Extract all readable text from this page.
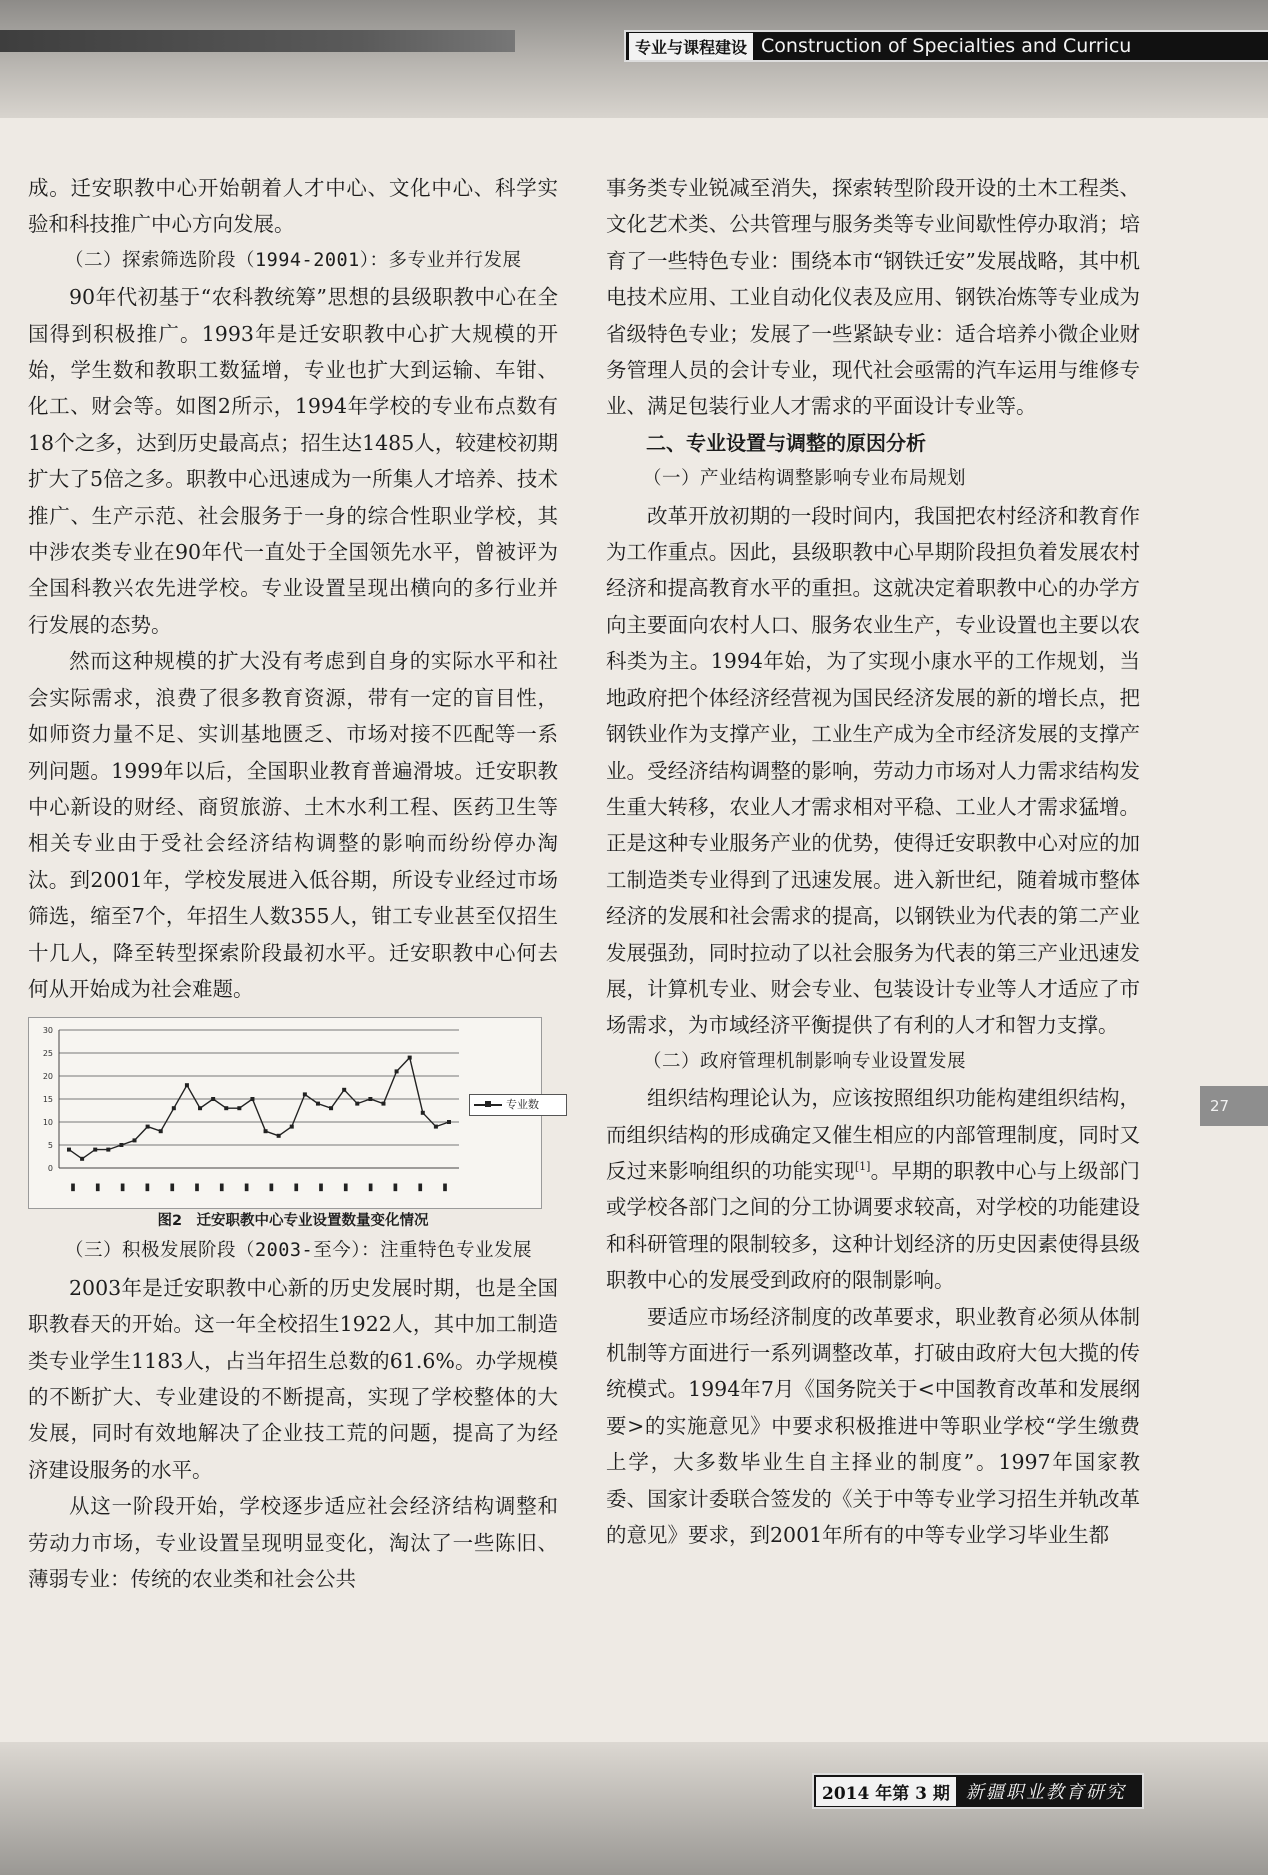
专业与课程建设 Construction of Specialties and Curricu

成。迁安职教中心开始朝着人才中心、文化中心、科学实验和科技推广中心方向发展。

（二）探索筛选阶段（1994-2001）：多专业并行发展

90年代初基于“农科教统筹”思想的县级职教中心在全国得到积极推广。1993年是迁安职教中心扩大规模的开始，学生数和教职工数猛增，专业也扩大到运输、车钳、化工、财会等。如图2所示，1994年学校的专业布点数有18个之多，达到历史最高点；招生达1485人，较建校初期扩大了5倍之多。职教中心迅速成为一所集人才培养、技术推广、生产示范、社会服务于一身的综合性职业学校，其中涉农类专业在90年代一直处于全国领先水平，曾被评为全国科教兴农先进学校。专业设置呈现出横向的多行业并行发展的态势。

然而这种规模的扩大没有考虑到自身的实际水平和社会实际需求，浪费了很多教育资源，带有一定的盲目性，如师资力量不足、实训基地匮乏、市场对接不匹配等一系列问题。1999年以后，全国职业教育普遍滑坡。迁安职教中心新设的财经、商贸旅游、土木水利工程、医药卫生等相关专业由于受社会经济结构调整的影响而纷纷停办淘汰。到2001年，学校发展进入低谷期，所设专业经过市场筛选，缩至7个，年招生人数355人，钳工专业甚至仅招生十几人，降至转型探索阶段最初水平。迁安职教中心何去何从开始成为社会难题。

0
5
10
15
20
25
30
▮ ▮ ▮ ▮ ▮ ▮ ▮ ▮ ▮ ▮ ▮ ▮ ▮ ▮ ▮ ▮
专业数

图2　迁安职教中心专业设置数量变化情况

（三）积极发展阶段（2003-至今）：注重特色专业发展

2003年是迁安职教中心新的历史发展时期，也是全国职教春天的开始。这一年全校招生1922人，其中加工制造类专业学生1183人，占当年招生总数的61.6%。办学规模的不断扩大、专业建设的不断提高，实现了学校整体的大发展，同时有效地解决了企业技工荒的问题，提高了为经济建设服务的水平。

从这一阶段开始，学校逐步适应社会经济结构调整和劳动力市场，专业设置呈现明显变化，淘汰了一些陈旧、薄弱专业：传统的农业类和社会公共

事务类专业锐减至消失，探索转型阶段开设的土木工程类、文化艺术类、公共管理与服务类等专业间歇性停办取消；培育了一些特色专业：围绕本市“钢铁迁安”发展战略，其中机电技术应用、工业自动化仪表及应用、钢铁冶炼等专业成为省级特色专业；发展了一些紧缺专业：适合培养小微企业财务管理人员的会计专业，现代社会亟需的汽车运用与维修专业、满足包装行业人才需求的平面设计专业等。

二、专业设置与调整的原因分析

（一）产业结构调整影响专业布局规划

改革开放初期的一段时间内，我国把农村经济和教育作为工作重点。因此，县级职教中心早期阶段担负着发展农村经济和提高教育水平的重担。这就决定着职教中心的办学方向主要面向农村人口、服务农业生产，专业设置也主要以农科类为主。1994年始，为了实现小康水平的工作规划，当地政府把个体经济经营视为国民经济发展的新的增长点，把钢铁业作为支撑产业，工业生产成为全市经济发展的支撑产业。受经济结构调整的影响，劳动力市场对人力需求结构发生重大转移，农业人才需求相对平稳、工业人才需求猛增。正是这种专业服务产业的优势，使得迁安职教中心对应的加工制造类专业得到了迅速发展。进入新世纪，随着城市整体经济的发展和社会需求的提高，以钢铁业为代表的第二产业发展强劲，同时拉动了以社会服务为代表的第三产业迅速发展，计算机专业、财会专业、包装设计专业等人才适应了市场需求，为市域经济平衡提供了有利的人才和智力支撑。

（二）政府管理机制影响专业设置发展

组织结构理论认为，应该按照组织功能构建组织结构，而组织结构的形成确定又催生相应的内部管理制度，同时又反过来影响组织的功能实现[1]。早期的职教中心与上级部门或学校各部门之间的分工协调要求较高，对学校的功能建设和科研管理的限制较多，这种计划经济的历史因素使得县级职教中心的发展受到政府的限制影响。

要适应市场经济制度的改革要求，职业教育必须从体制机制等方面进行一系列调整改革，打破由政府大包大揽的传统模式。1994年7月《国务院关于<中国教育改革和发展纲要>的实施意见》中要求积极推进中等职业学校“学生缴费上学，大多数毕业生自主择业的制度”。1997年国家教委、国家计委联合签发的《关于中等专业学习招生并轨改革的意见》要求，到2001年所有的中等专业学习毕业生都

27
2014 年第 3 期 新疆职业教育研究
